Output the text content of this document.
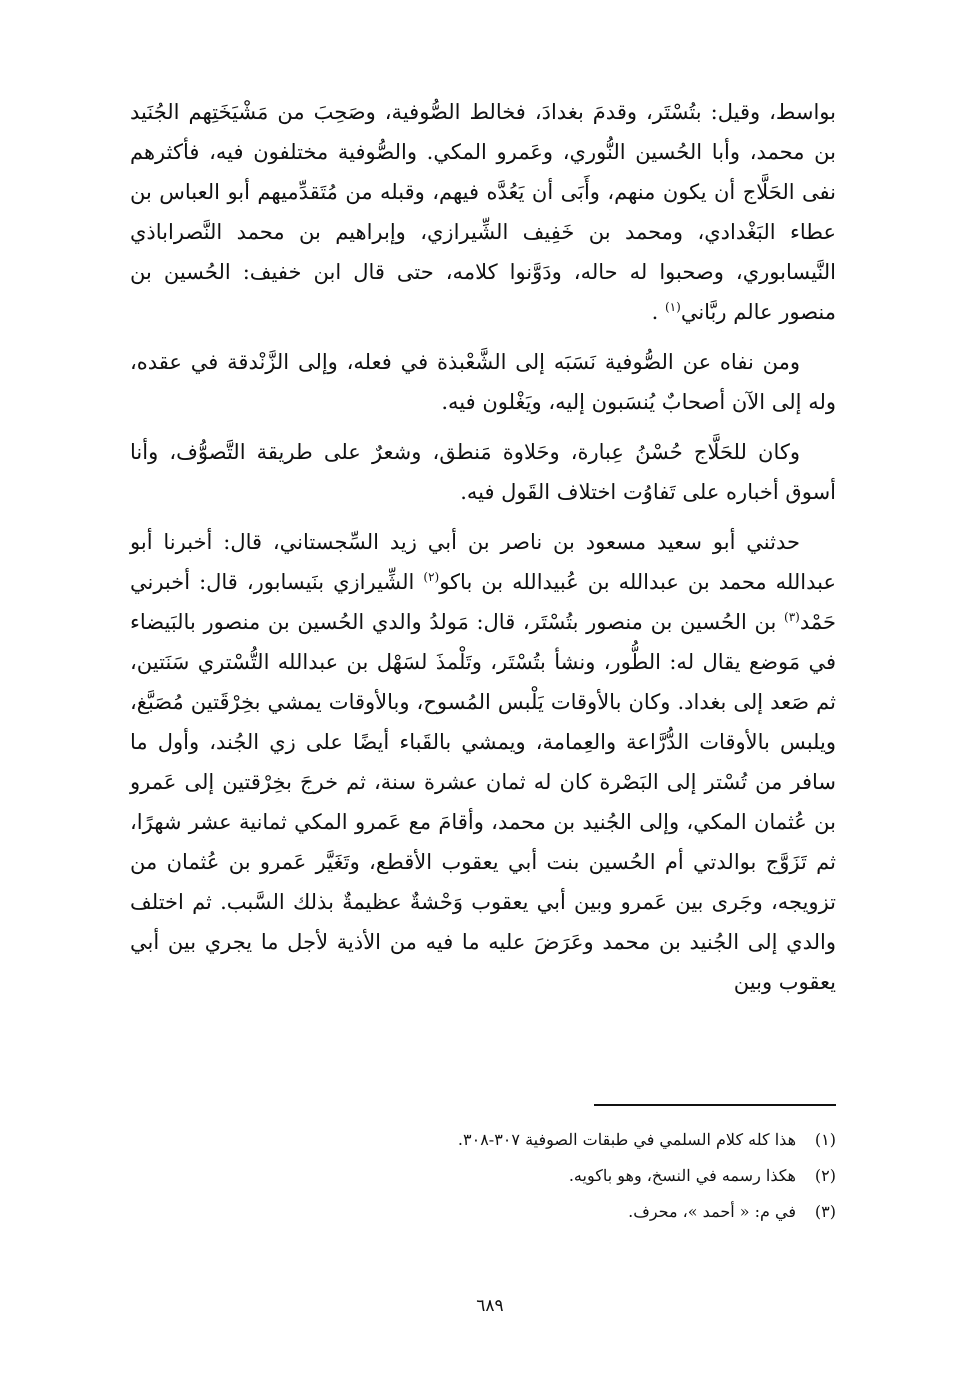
بواسط، وقيل: بتُسْتَر، وقدمَ بغدادَ، فخالط الصُّوفية، وصَحِبَ من مَشْيَخَتِهم الجُنَيد بن محمد، وأبا الحُسين النُّوري، وعَمرو المكي. والصُّوفية مختلفون فيه، فأكثرهم نفى الحَلَّاج أن يكون منهم، وأَبَى أن يَعُدَّه فيهم، وقبله من مُتَقدِّميهم أبو العباس بن عطاء البَغْدادي، ومحمد بن خَفِيف الشِّيرازي، وإبراهيم بن محمد النَّصراباذي النَّيسابوري، وصحبوا له حاله، ودَوَّنوا كلامه، حتى قال ابن خفيف: الحُسين بن منصور عالم ربَّاني$^{(١)}$ .

ومن نفاه عن الصُّوفية نَسَبَه إلى الشَّعْبذة في فعله، وإلى الزَّنْدقة في عقده، وله إلى الآن أصحابٌ يُنسَبون إليه، ويَغْلون فيه.

وكان للحَلَّاج حُسْنُ عِبارة، وحَلاوة مَنطق، وشعرٌ على طريقة التَّصوُّف، وأنا أسوق أخباره على تَفاوُت اختلاف القَول فيه.

حدثني أبو سعيد مسعود بن ناصر بن أبي زيد السِّجستاني، قال: أخبرنا أبو عبدالله محمد بن عبدالله بن عُبيدالله بن باكو$^{(٢)}$ الشِّيرازي بنَيسابور، قال: أخبرني حَمْد$^{(٣)}$ بن الحُسين بن منصور بتُسْتَر، قال: مَولدُ والدي الحُسين بن منصور بالبَيضاء في مَوضع يقال له: الطُّور، ونشأ بتُسْتَر، وتَلْمذَ لسَهْل بن عبدالله التُّسْتري سَنَتين، ثم صَعد إلى بغداد. وكان بالأوقات يَلْبس المُسوح، وبالأوقات يمشي بخِرْقَتين مُصَبَّغ، ويلبس بالأوقات الدُّرَّاعة والعِمامة، ويمشي بالقَباء أيضًا على زي الجُند، وأول ما سافر من تُسْتر إلى البَصْرة كان له ثمان عشرة سنة، ثم خرجَ بخِرْقتين إلى عَمرو بن عُثمان المكي، وإلى الجُنيد بن محمد، وأقامَ مع عَمرو المكي ثمانية عشر شهرًا، ثم تَزَوَّج بوالدتي أم الحُسين بنت أبي يعقوب الأقطع، وتَغَيَّر عَمرو بن عُثمان من تزويجه، وجَرى بين عَمرو وبين أبي يعقوب وَحْشةٌ عظيمةٌ بذلك السَّبب. ثم اختلف والدي إلى الجُنيد بن محمد وعَرَضَ عليه ما فيه من الأذية لأجل ما يجري بين أبي يعقوب وبين

(١)
هذا كله كلام السلمي في طبقات الصوفية ٣٠٧-٣٠٨.
(٢)
هكذا رسمه في النسخ، وهو باكويه.
(٣)
في م: « أحمد »، محرف.
٦٨٩
